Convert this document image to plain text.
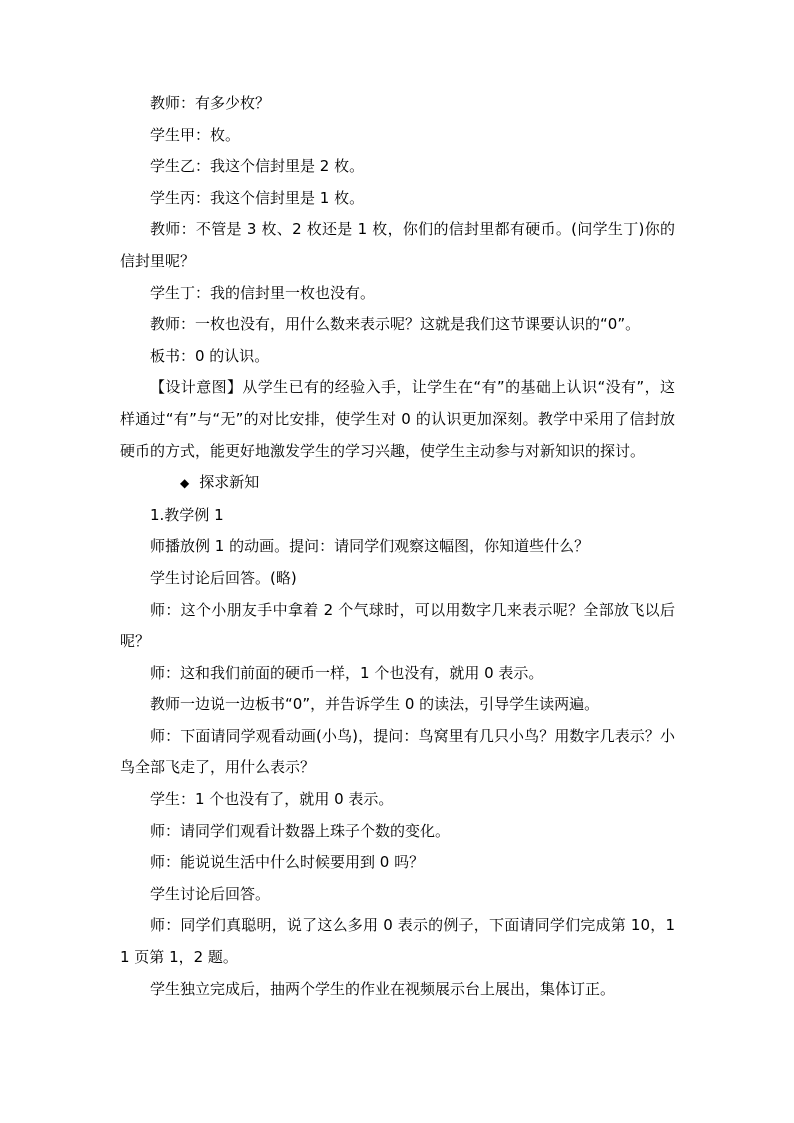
教师：有多少枚？

学生甲：枚。

学生乙：我这个信封里是 2 枚。

学生丙：我这个信封里是 1 枚。

教师：不管是 3 枚、2 枚还是 1 枚，你们的信封里都有硬币。(问学生丁)你的信封里呢？

学生丁：我的信封里一枚也没有。

教师：一枚也没有，用什么数来表示呢？这就是我们这节课要认识的“0”。

板书：0 的认识。

【设计意图】从学生已有的经验入手，让学生在“有”的基础上认识“没有”，这样通过“有”与“无”的对比安排，使学生对 0 的认识更加深刻。教学中采用了信封放硬币的方式，能更好地激发学生的学习兴趣，使学生主动参与对新知识的探讨。

◆ 探求新知

1.教学例 1

师播放例 1 的动画。提问：请同学们观察这幅图，你知道些什么？

学生讨论后回答。(略)

师：这个小朋友手中拿着 2 个气球时，可以用数字几来表示呢？全部放飞以后呢？

师：这和我们前面的硬币一样，1 个也没有，就用 0 表示。

教师一边说一边板书“0”，并告诉学生 0 的读法，引导学生读两遍。

师：下面请同学观看动画(小鸟)，提问：鸟窝里有几只小鸟？用数字几表示？小鸟全部飞走了，用什么表示？

学生：1 个也没有了，就用 0 表示。

师：请同学们观看计数器上珠子个数的变化。

师：能说说生活中什么时候要用到 0 吗？

学生讨论后回答。

师：同学们真聪明，说了这么多用 0 表示的例子，下面请同学们完成第 10，11 页第 1，2 题。

学生独立完成后，抽两个学生的作业在视频展示台上展出，集体订正。
